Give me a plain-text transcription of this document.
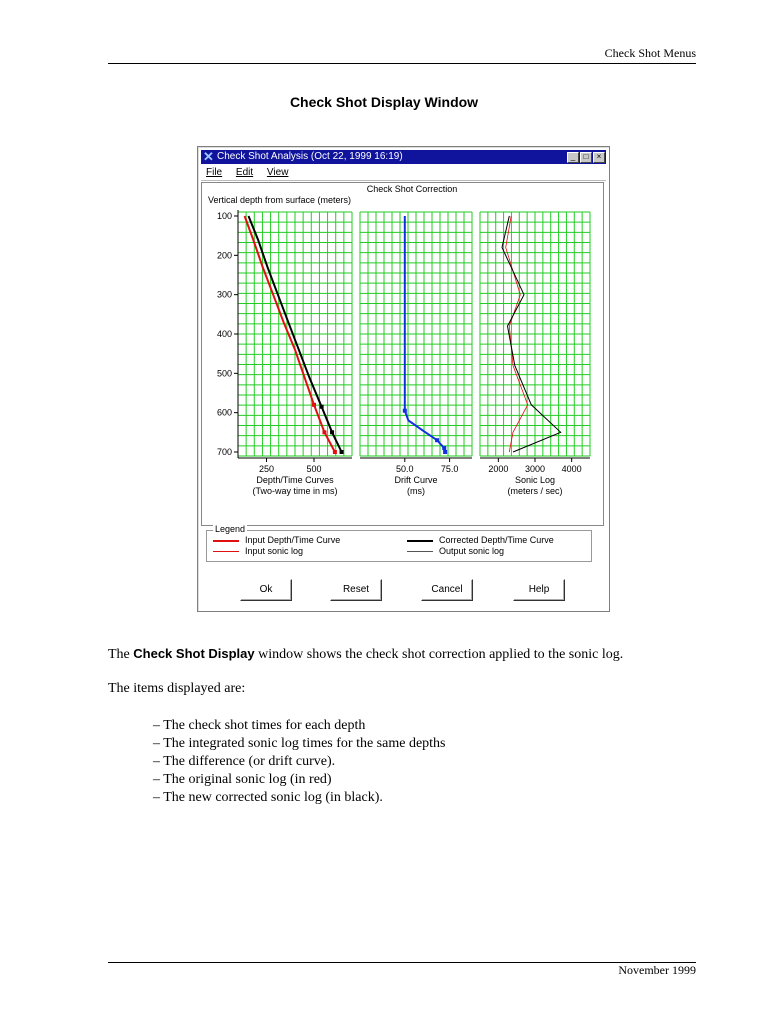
Check Shot Menus
Check Shot Display Window
✕ Check Shot Analysis (Oct 22, 1999 16:19)	_	□	×
File Edit View
Check Shot Correction
Vertical depth from surface (meters)
100
200
300
400
500
600
700
250	500
Depth/Time Curves
(Two-way time in ms)
50.0	75.0
Drift Curve
(ms)
2000 3000 4000
Sonic Log
(meters / sec)
Legend
Input Depth/Time Curve
Input sonic log
Corrected Depth/Time Curve
Output sonic log
Ok	Reset	Cancel	Help
The Check Shot Display window shows the check shot correction applied to the sonic log.
The items displayed are:
– The check shot times for each depth
– The integrated sonic log times for the same depths
– The difference (or drift curve).
– The original sonic log (in red)
– The new corrected sonic log (in black).
November 1999
